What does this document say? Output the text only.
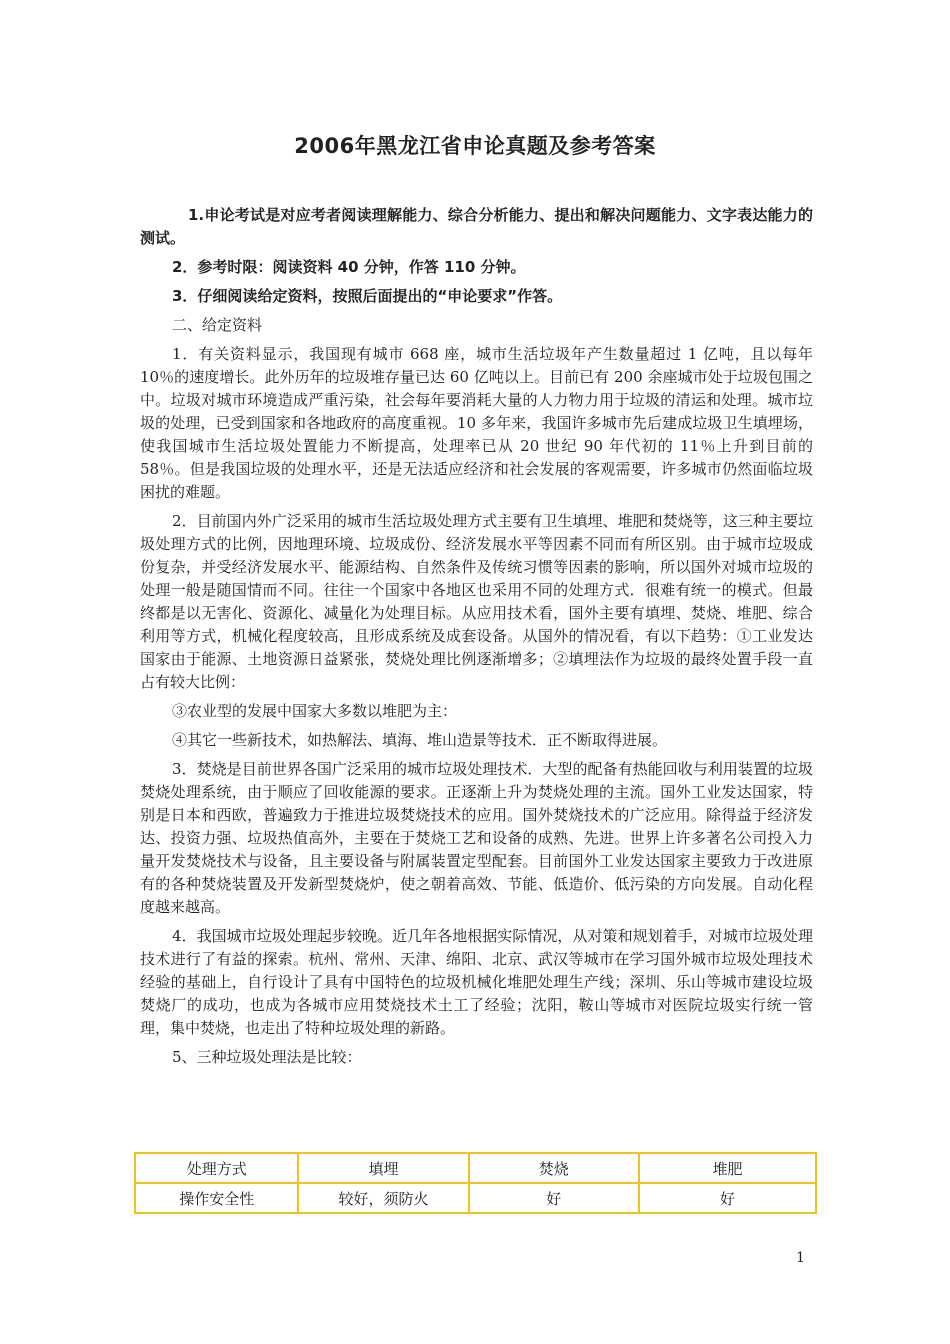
2006年黑龙江省申论真题及参考答案

1.申论考试是对应考者阅读理解能力、综合分析能力、提出和解决问题能力、文字表达能力的测试。

2．参考时限：阅读资料 40 分钟，作答 110 分钟。

3．仔细阅读给定资料，按照后面提出的“申论要求”作答。

二、给定资料

1．有关资料显示，我国现有城市 668 座，城市生活垃圾年产生数量超过 1 亿吨，且以每年 10％的速度增长。此外历年的垃圾堆存量已达 60 亿吨以上。目前已有 200 余座城市处于垃圾包围之中。垃圾对城市环境造成严重污染，社会每年要消耗大量的人力物力用于垃圾的清运和处理。城市垃圾的处理，已受到国家和各地政府的高度重视。10 多年来，我国许多城市先后建成垃圾卫生填埋场，使我国城市生活垃圾处置能力不断提高，处理率已从 20 世纪 90 年代初的 11％上升到目前的 58％。但是我国垃圾的处理水平，还是无法适应经济和社会发展的客观需要，许多城市仍然面临垃圾困扰的难题。

2．目前国内外广泛采用的城市生活垃圾处理方式主要有卫生填埋、堆肥和焚烧等，这三种主要垃圾处理方式的比例，因地理环境、垃圾成份、经济发展水平等因素不同而有所区别。由于城市垃圾成份复杂，并受经济发展水平、能源结构、自然条件及传统习惯等因素的影响，所以国外对城市垃圾的处理一般是随国情而不同。往往一个国家中各地区也采用不同的处理方式．很难有统一的模式。但最终都是以无害化、资源化、减量化为处理目标。从应用技术看，国外主要有填埋、焚烧、堆肥、综合利用等方式，机械化程度较高，且形成系统及成套设备。从国外的情况看，有以下趋势：①工业发达国家由于能源、土地资源日益紧张，焚烧处理比例逐渐增多；②填埋法作为垃圾的最终处置手段一直占有较大比例：

③农业型的发展中国家大多数以堆肥为主：

④其它一些新技术，如热解法、填海、堆山造景等技术．正不断取得进展。

3．焚烧是目前世界各国广泛采用的城市垃圾处理技术．大型的配备有热能回收与利用装置的垃圾焚烧处理系统，由于顺应了回收能源的要求。正逐渐上升为焚烧处理的主流。国外工业发达国家，特别是日本和西欧，普遍致力于推进垃圾焚烧技术的应用。国外焚烧技术的广泛应用。除得益于经济发达、投资力强、垃圾热值高外，主要在于焚烧工艺和设备的成熟、先进。世界上许多著名公司投入力量开发焚烧技术与设备，且主要设备与附属装置定型配套。目前国外工业发达国家主要致力于改进原有的各种焚烧装置及开发新型焚烧炉，使之朝着高效、节能、低造价、低污染的方向发展。自动化程度越来越高。

4．我国城市垃圾处理起步较晚。近几年各地根据实际情况，从对策和规划着手，对城市垃圾处理技术进行了有益的探索。杭州、常州、天津、绵阳、北京、武汉等城市在学习国外城市垃圾处理技术经验的基础上，自行设计了具有中国特色的垃圾机械化堆肥处理生产线；深圳、乐山等城市建设垃圾焚烧厂的成功，也成为各城市应用焚烧技术土工了经验；沈阳，鞍山等城市对医院垃圾实行统一管理，集中焚烧，也走出了特种垃圾处理的新路。

5、三种垃圾处理法是比较：

处理方式	填埋	焚烧	堆肥
操作安全性	较好，须防火	好	好
1
